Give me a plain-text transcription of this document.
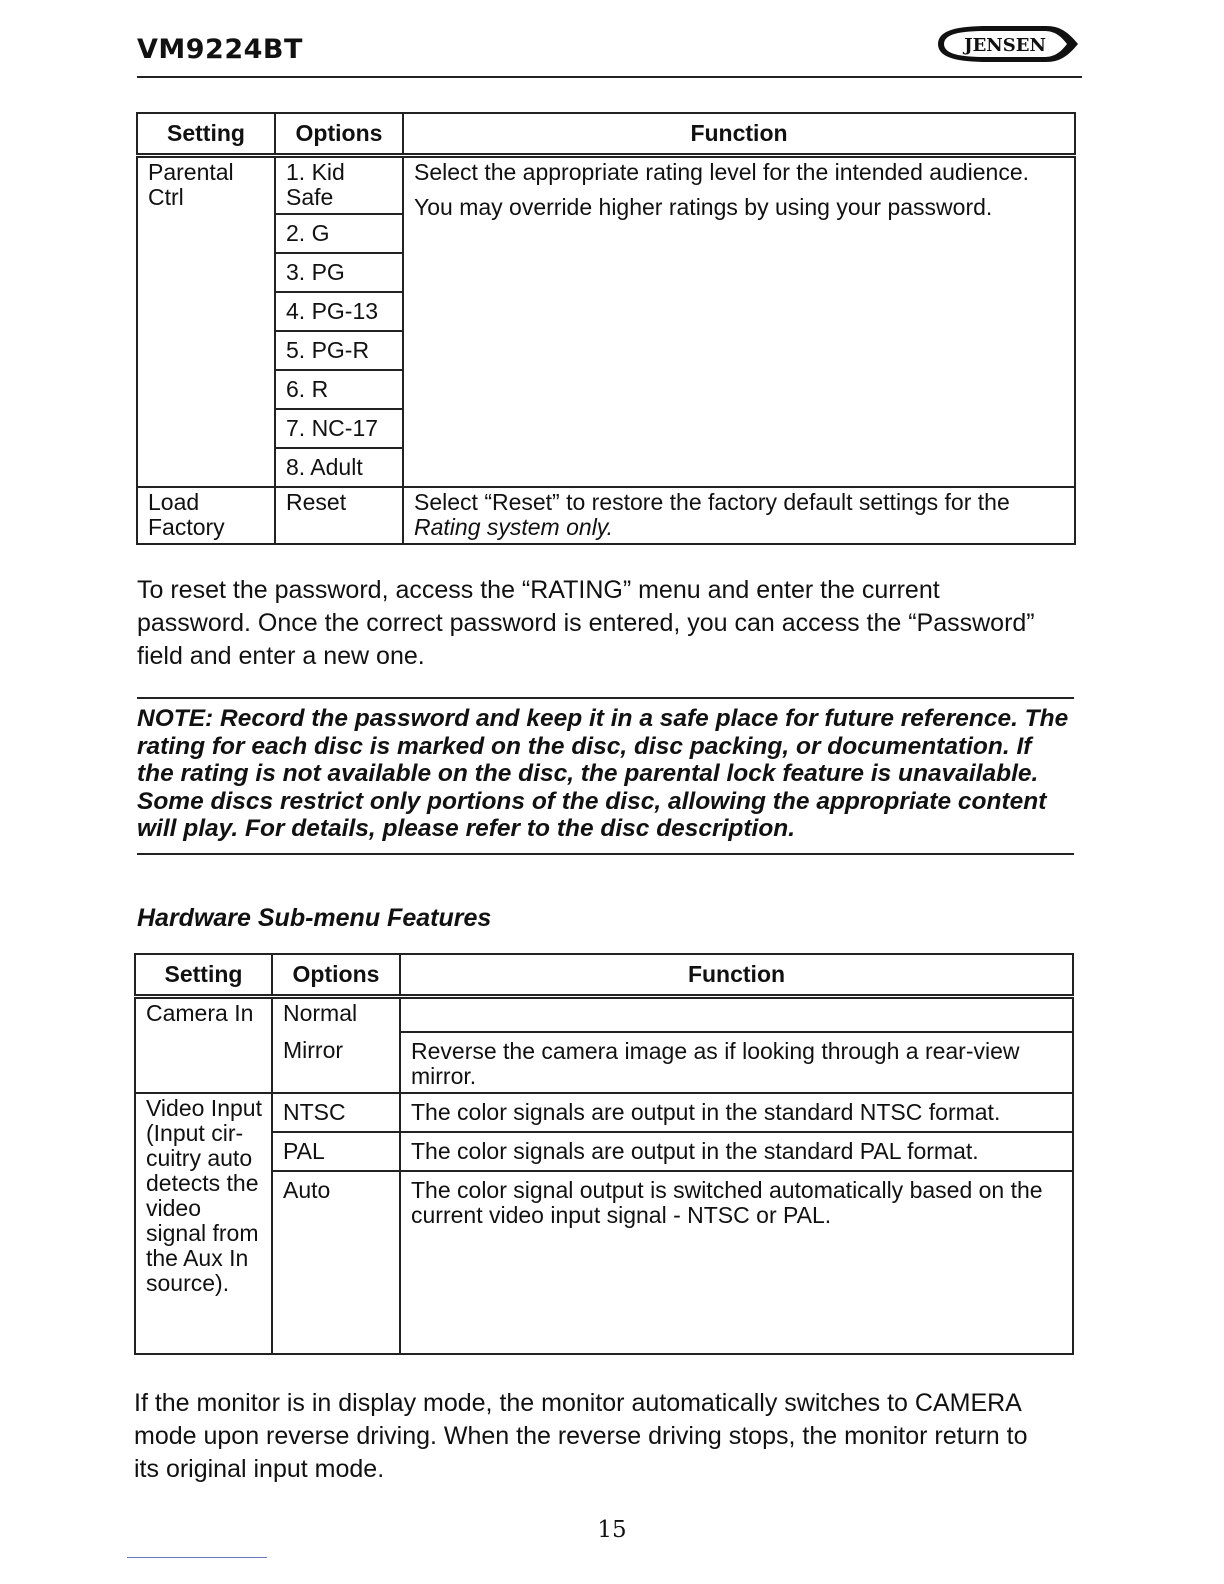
VM9224BT	JENSEN
Setting	Options	Function
Parental Ctrl	1. Kid Safe	Select the appropriate rating level for the intended audience.
You may override higher ratings by using your password.

	2. G	
	3. PG	
	4. PG-13	
	5. PG-R	
	6. R	
	7. NC-17	
	8. Adult	
Load Factory	Reset	Select “Reset” to restore the factory default settings for the Rating system only.
To reset the password, access the “RATING” menu and enter the current password. Once the correct password is entered, you can access the “Password” field and enter a new one.
NOTE: Record the password and keep it in a safe place for future reference. The rating for each disc is marked on the disc, disc packing, or documentation. If the rating is not available on the disc, the parental lock feature is unavailable. Some discs restrict only portions of the disc, allowing the appropriate content will play. For details, please refer to the disc description.
Hardware Sub-menu Features
Setting	Options	Function
Camera In	Normal	
	Mirror	Reverse the camera image as if looking through a rear-view mirror.
Video Input (Input cir-cuitry auto detects the video signal from the Aux In source).	NTSC	The color signals are output in the standard NTSC format.
	PAL	The color signals are output in the standard PAL format.
	Auto	The color signal output is switched automatically based on the current video input signal - NTSC or PAL.
If the monitor is in display mode, the monitor automatically switches to CAMERA mode upon reverse driving. When the reverse driving stops, the monitor return to its original input mode.
15
